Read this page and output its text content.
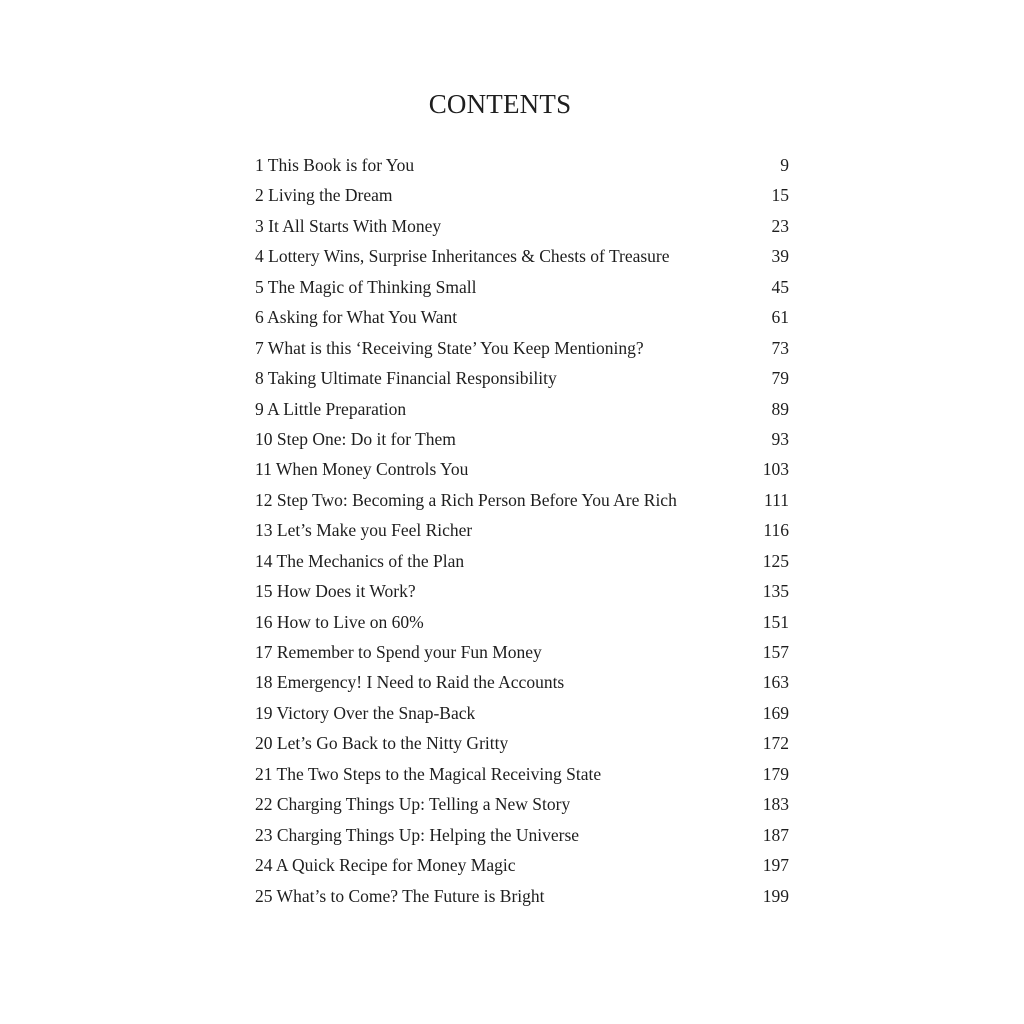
CONTENTS
1 This Book is for You	9
2 Living the Dream	15
3 It All Starts With Money	23
4 Lottery Wins, Surprise Inheritances & Chests of Treasure	39
5 The Magic of Thinking Small	45
6 Asking for What You Want	61
7 What is this ‘Receiving State’ You Keep Mentioning?	73
8 Taking Ultimate Financial Responsibility	79
9 A Little Preparation	89
10 Step One: Do it for Them	93
11 When Money Controls You	103
12 Step Two: Becoming a Rich Person Before You Are Rich	111
13 Let’s Make you Feel Richer	116
14 The Mechanics of the Plan	125
15 How Does it Work?	135
16 How to Live on 60%	151
17 Remember to Spend your Fun Money	157
18 Emergency! I Need to Raid the Accounts	163
19 Victory Over the Snap-Back	169
20 Let’s Go Back to the Nitty Gritty	172
21 The Two Steps to the Magical Receiving State	179
22 Charging Things Up: Telling a New Story	183
23 Charging Things Up: Helping the Universe	187
24 A Quick Recipe for Money Magic	197
25 What’s to Come? The Future is Bright	199
